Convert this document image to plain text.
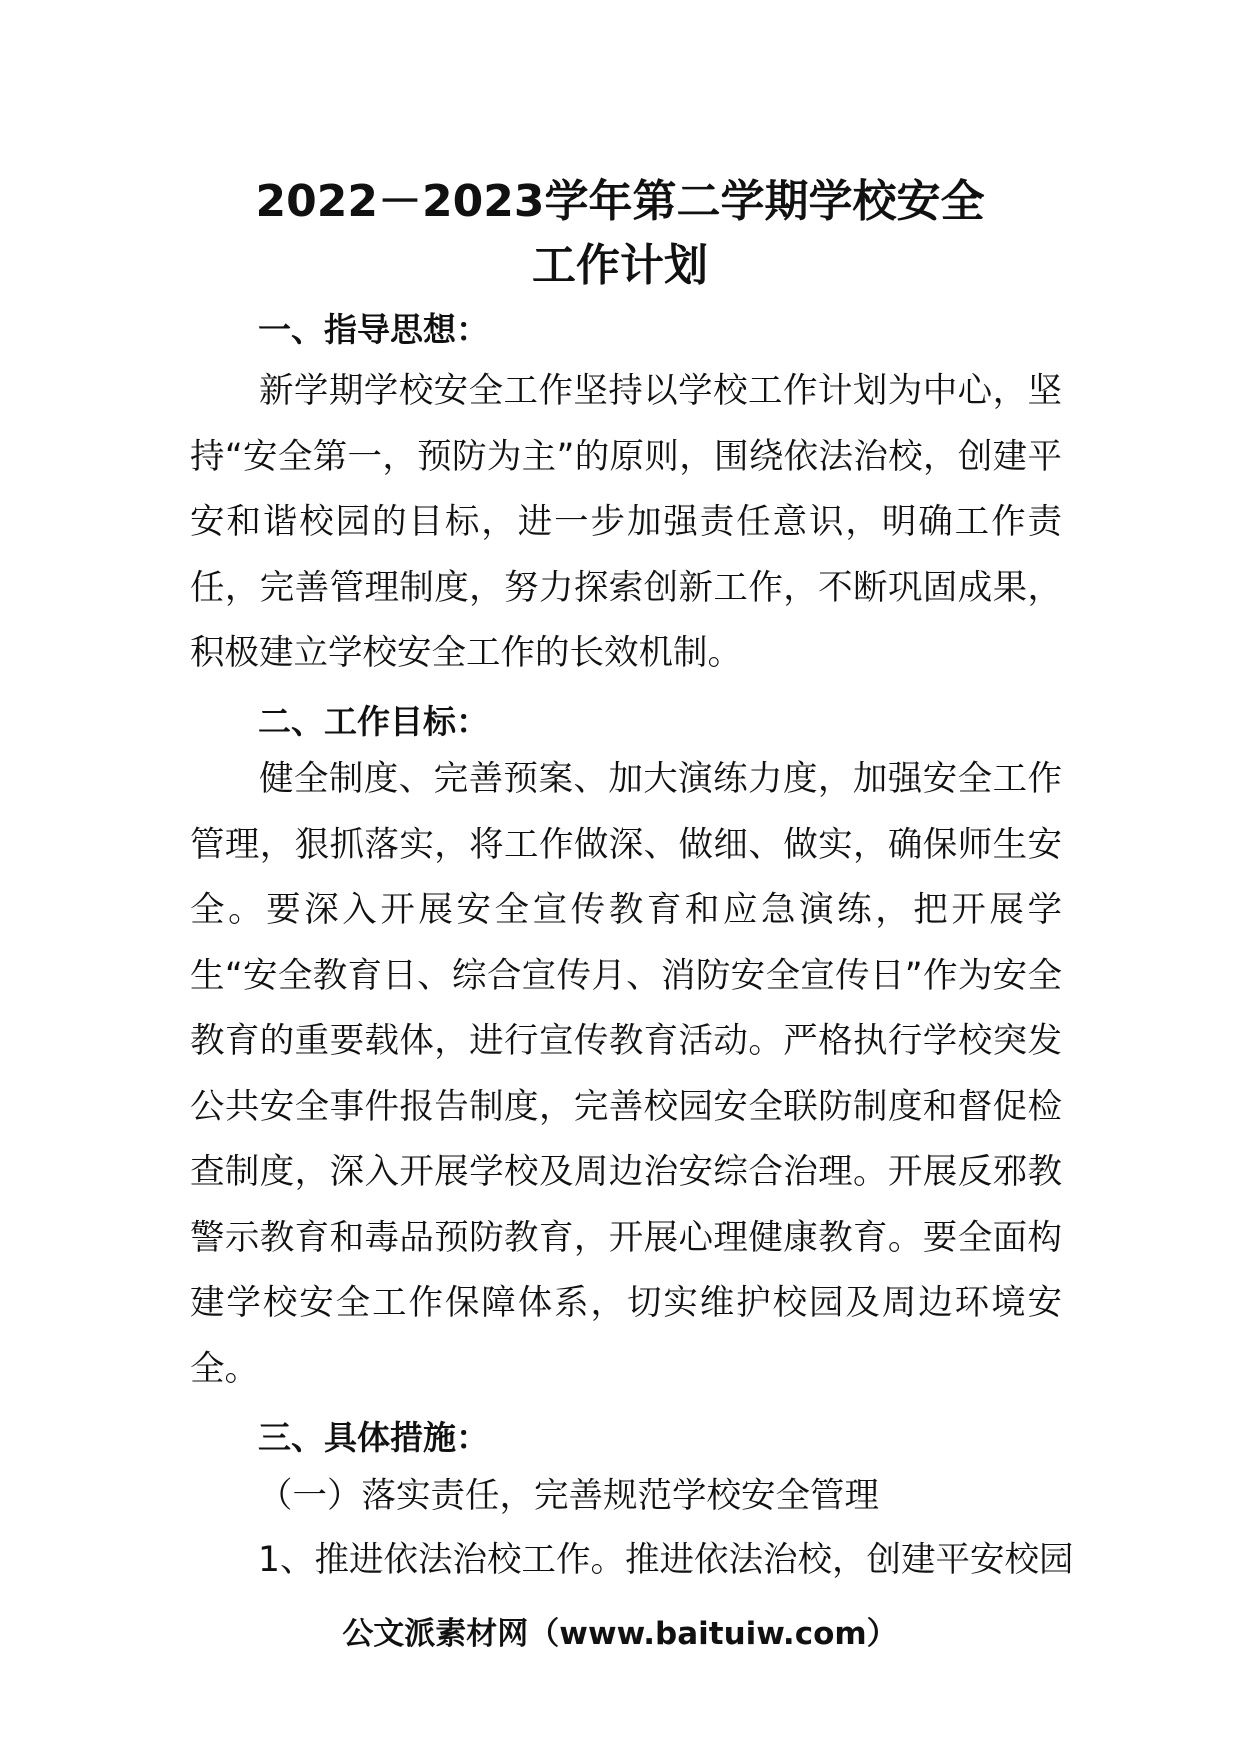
2022－2023学年第二学期学校安全
工作计划
一、指导思想：

新学期学校安全工作坚持以学校工作计划为中心，坚持“安全第一，预防为主”的原则，围绕依法治校，创建平安和谐校园的目标，进一步加强责任意识，明确工作责任，完善管理制度，努力探索创新工作，不断巩固成果，积极建立学校安全工作的长效机制。

二、工作目标：

健全制度、完善预案、加大演练力度，加强安全工作管理，狠抓落实，将工作做深、做细、做实，确保师生安全。要深入开展安全宣传教育和应急演练，把开展学生“安全教育日、综合宣传月、消防安全宣传日”作为安全教育的重要载体，进行宣传教育活动。严格执行学校突发公共安全事件报告制度，完善校园安全联防制度和督促检查制度，深入开展学校及周边治安综合治理。开展反邪教警示教育和毒品预防教育，开展心理健康教育。要全面构建学校安全工作保障体系，切实维护校园及周边环境安全。

三、具体措施：
（一）落实责任，完善规范学校安全管理
1、推进依法治校工作。推进依法治校，创建平安校园
公文派素材网（www.baituiw.com）
